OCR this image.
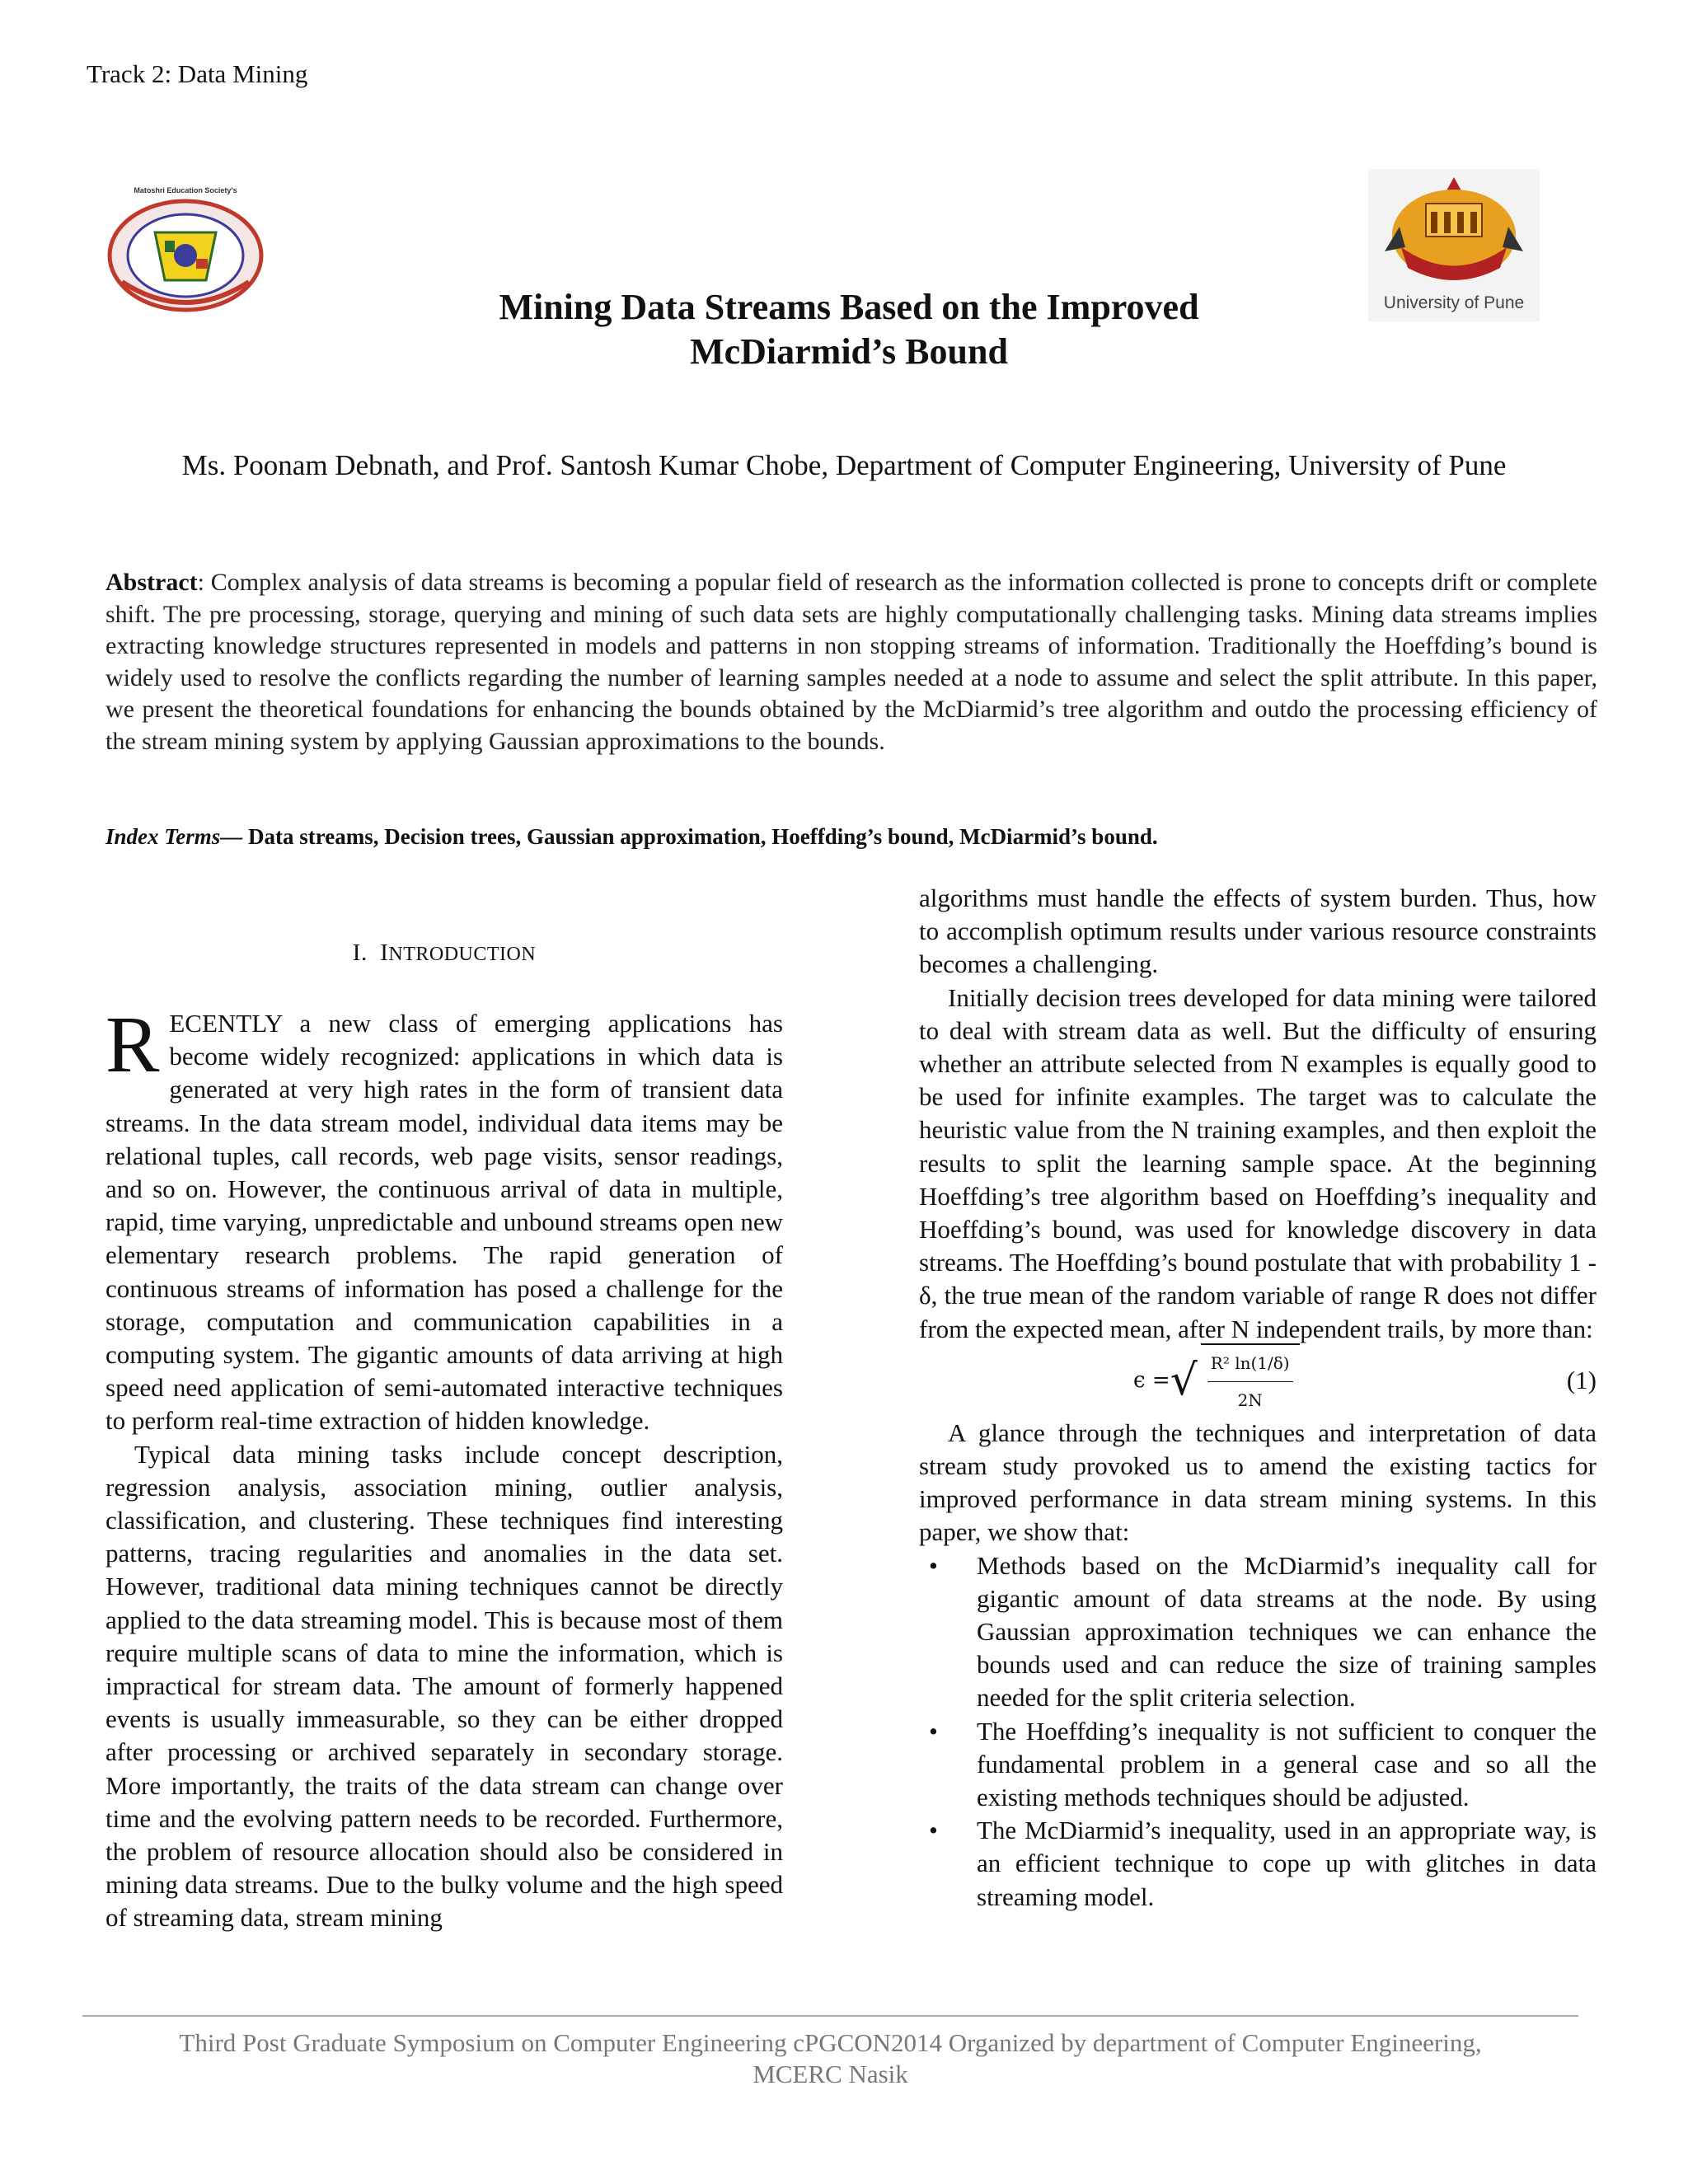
Track 2: Data Mining
Matoshri Education Society's
University of Pune
Mining Data Streams Based on the Improved
McDiarmid’s Bound
Ms. Poonam Debnath, and Prof. Santosh Kumar Chobe, Department of Computer Engineering, University of Pune
Abstract: Complex analysis of data streams is becoming a popular field of research as the information collected is prone to concepts drift or complete shift. The pre processing, storage, querying and mining of such data sets are highly computationally challenging tasks. Mining data streams implies extracting knowledge structures represented in models and patterns in non stopping streams of information. Traditionally the Hoeffding’s bound is widely used to resolve the conflicts regarding the number of learning samples needed at a node to assume and select the split attribute. In this paper, we present the theoretical foundations for enhancing the bounds obtained by the McDiarmid’s tree algorithm and outdo the processing efficiency of the stream mining system by applying Gaussian approximations to the bounds.
Index Terms— Data streams, Decision trees, Gaussian approximation, Hoeffding’s bound, McDiarmid’s bound.
I. INTRODUCTION

RECENTLY a new class of emerging applications has become widely recognized: applications in which data is generated at very high rates in the form of transient data streams. In the data stream model, individual data items may be relational tuples, call records, web page visits, sensor readings, and so on. However, the continuous arrival of data in multiple, rapid, time varying, unpredictable and unbound streams open new elementary research problems. The rapid generation of continuous streams of information has posed a challenge for the storage, computation and communication capabilities in a computing system. The gigantic amounts of data arriving at high speed need application of semi-automated interactive techniques to perform real-time extraction of hidden knowledge.

Typical data mining tasks include concept description, regression analysis, association mining, outlier analysis, classification, and clustering. These techniques find interesting patterns, tracing regularities and anomalies in the data set. However, traditional data mining techniques cannot be directly applied to the data streaming model. This is because most of them require multiple scans of data to mine the information, which is impractical for stream data. The amount of formerly happened events is usually immeasurable, so they can be either dropped after processing or archived separately in secondary storage. More importantly, the traits of the data stream can change over time and the evolving pattern needs to be recorded. Furthermore, the problem of resource allocation should also be considered in mining data streams. Due to the bulky volume and the high speed of streaming data, stream mining

algorithms must handle the effects of system burden. Thus, how to accomplish optimum results under various resource constraints becomes a challenging.

Initially decision trees developed for data mining were tailored to deal with stream data as well. But the difficulty of ensuring whether an attribute selected from N examples is equally good to be used for infinite examples. The target was to calculate the heuristic value from the N training examples, and then exploit the results to split the learning sample space. At the beginning Hoeffding’s tree algorithm based on Hoeffding’s inequality and Hoeffding’s bound, was used for knowledge discovery in data streams. The Hoeffding’s bound postulate that with probability 1 - δ, the true mean of the random variable of range R does not differ from the expected mean, after N independent trails, by more than:

ϵ = √ $\frac{\text{R² ln(1/δ)}}{2N}$	(1)

A glance through the techniques and interpretation of data stream study provoked us to amend the existing tactics for improved performance in data stream mining systems. In this paper, we show that:

• Methods based on the McDiarmid’s inequality call for gigantic amount of data streams at the node. By using Gaussian approximation techniques we can enhance the bounds used and can reduce the size of training samples needed for the split criteria selection.
• The Hoeffding’s inequality is not sufficient to conquer the fundamental problem in a general case and so all the existing methods techniques should be adjusted.
• The McDiarmid’s inequality, used in an appropriate way, is an efficient technique to cope up with glitches in data streaming model.
Third Post Graduate Symposium on Computer Engineering cPGCON2014 Organized by department of Computer Engineering,
MCERC Nasik
